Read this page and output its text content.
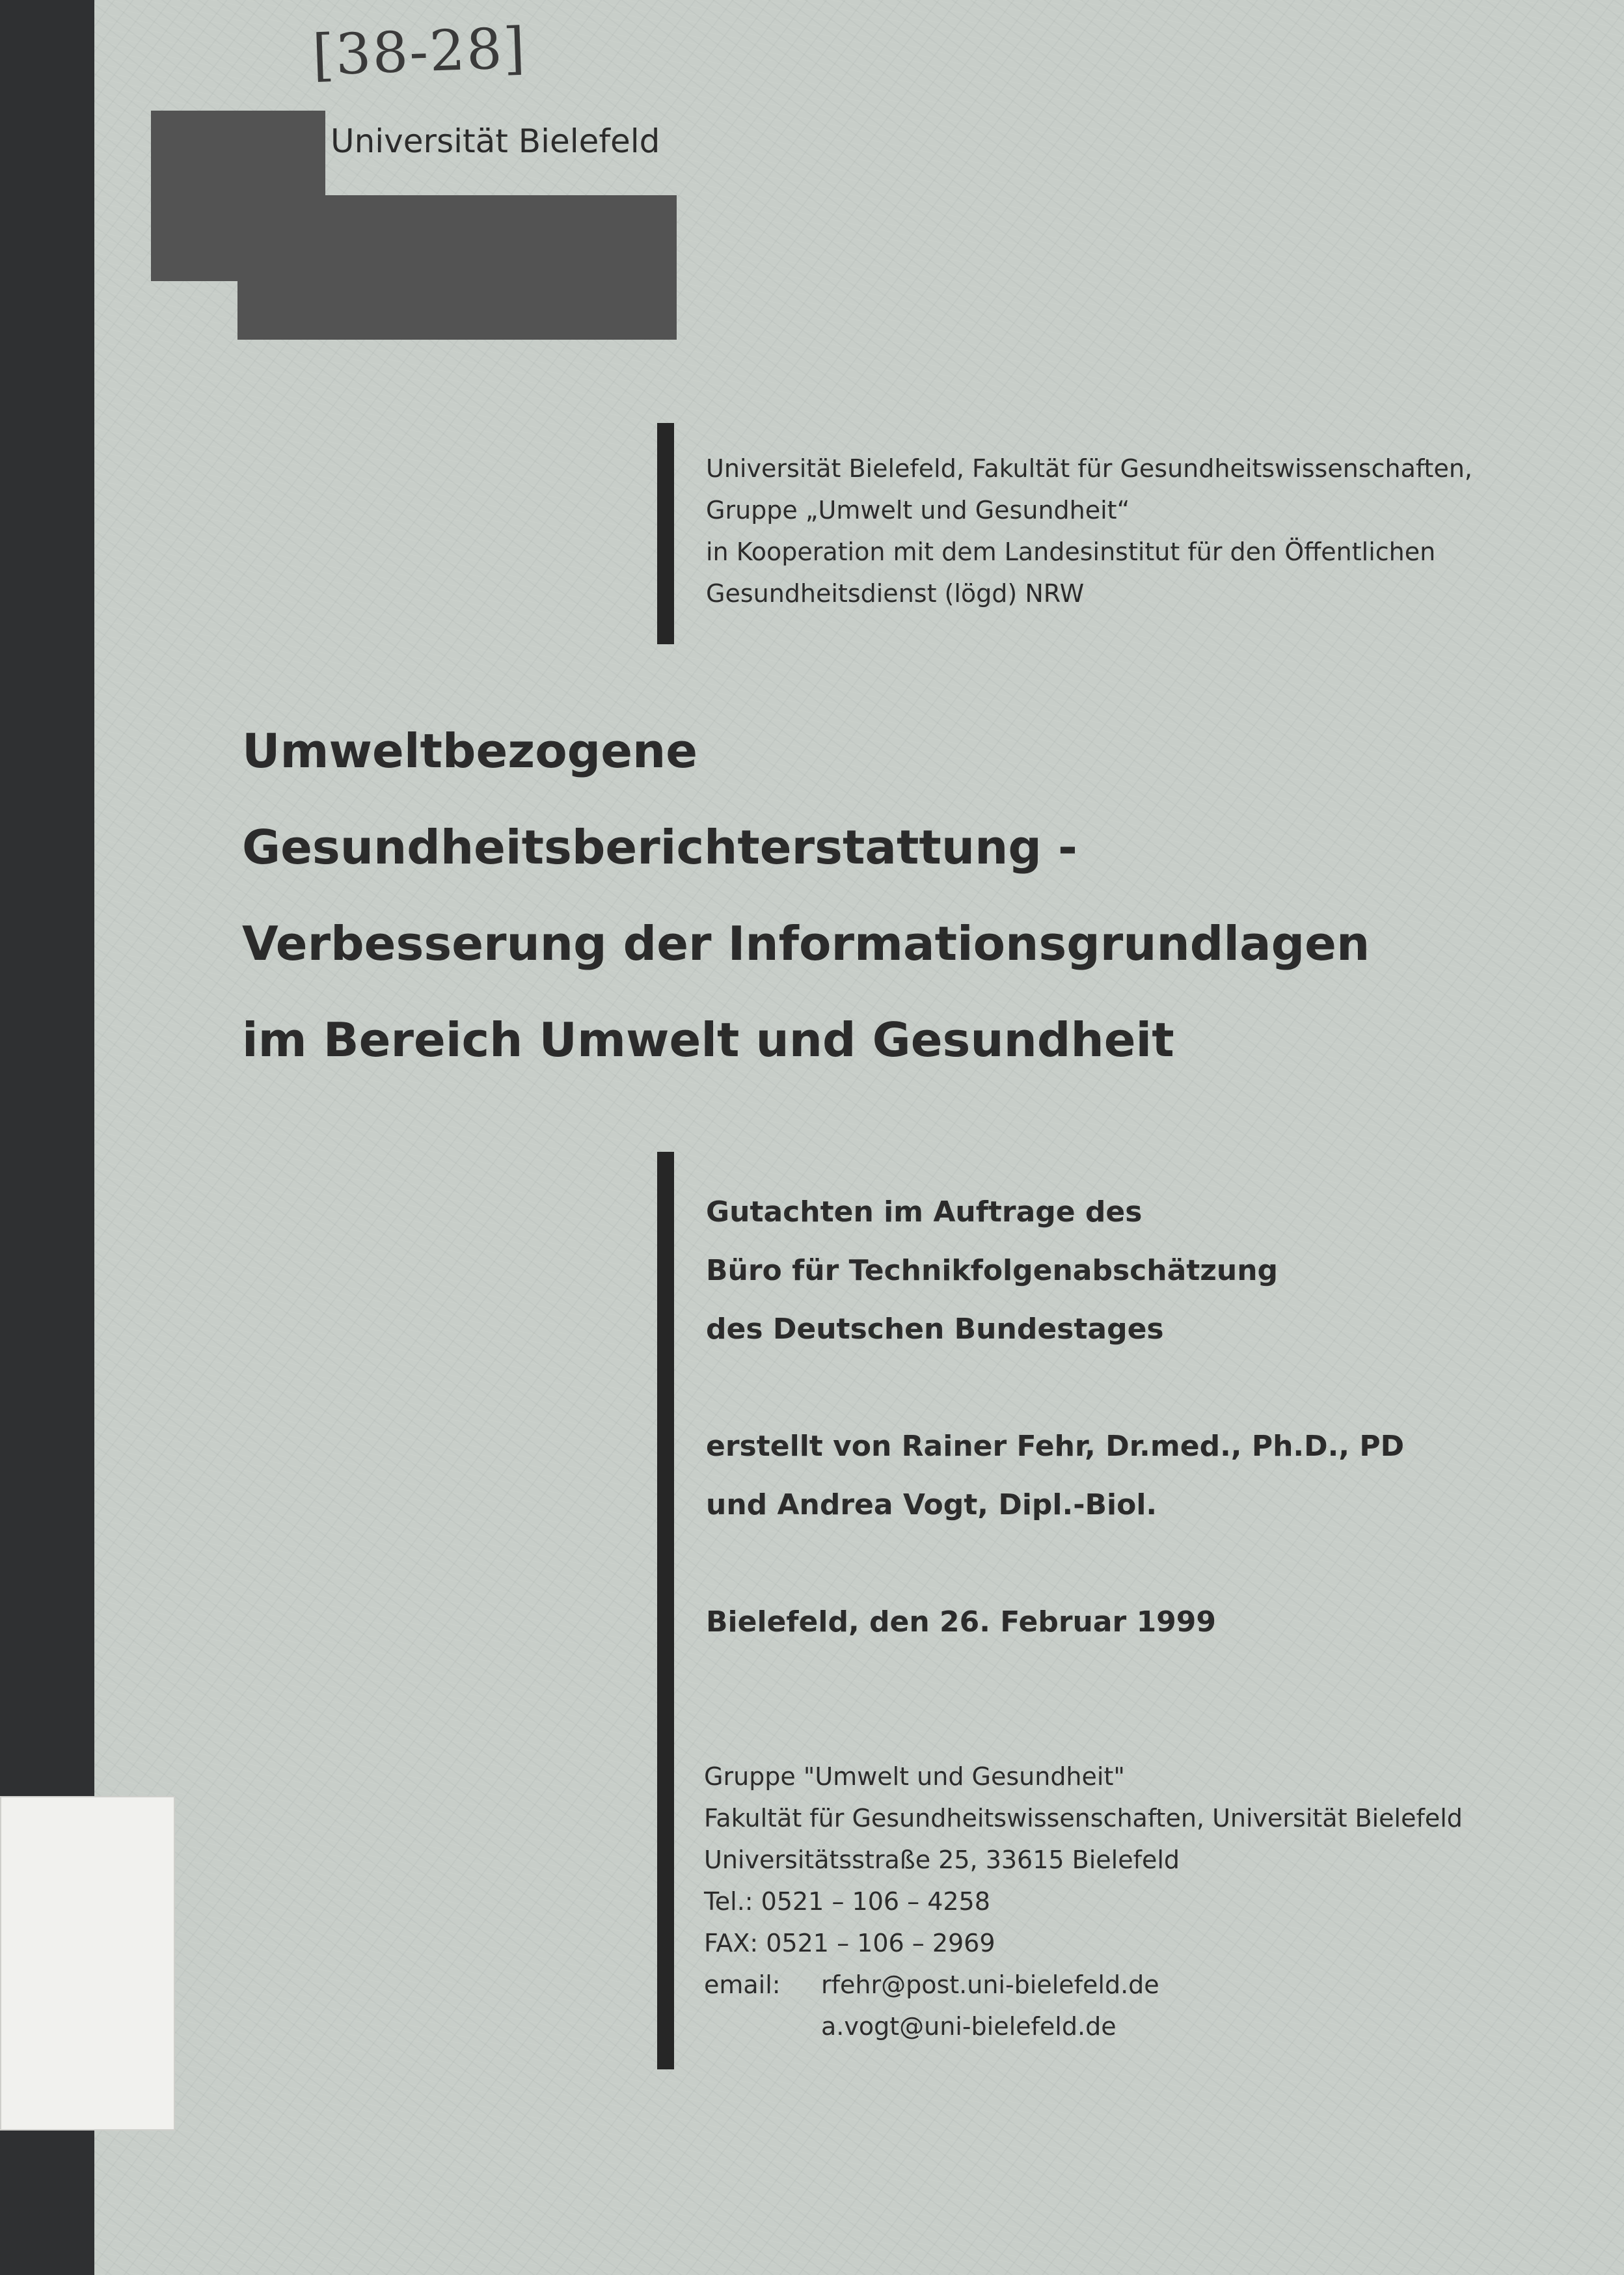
[38-28]
Universität Bielefeld
Universität Bielefeld, Fakultät für Gesundheitswissenschaften,
Gruppe „Umwelt und Gesundheit“
in Kooperation mit dem Landesinstitut für den Öffentlichen
Gesundheitsdienst (lögd) NRW
Umweltbezogene
Gesundheitsberichterstattung -
Verbesserung der Informationsgrundlagen
im Bereich Umwelt und Gesundheit
Gutachten im Auftrage des
Büro für Technikfolgenabschätzung
des Deutschen Bundestages
erstellt von Rainer Fehr, Dr.med., Ph.D., PD
und Andrea Vogt, Dipl.-Biol.
Bielefeld, den 26. Februar 1999
Gruppe "Umwelt und Gesundheit"
Fakultät für Gesundheitswissenschaften, Universität Bielefeld
Universitätsstraße 25, 33615 Bielefeld
Tel.: 0521 – 106 – 4258
FAX: 0521 – 106 – 2969
email:	rfehr@post.uni-bielefeld.de
a.vogt@uni-bielefeld.de
